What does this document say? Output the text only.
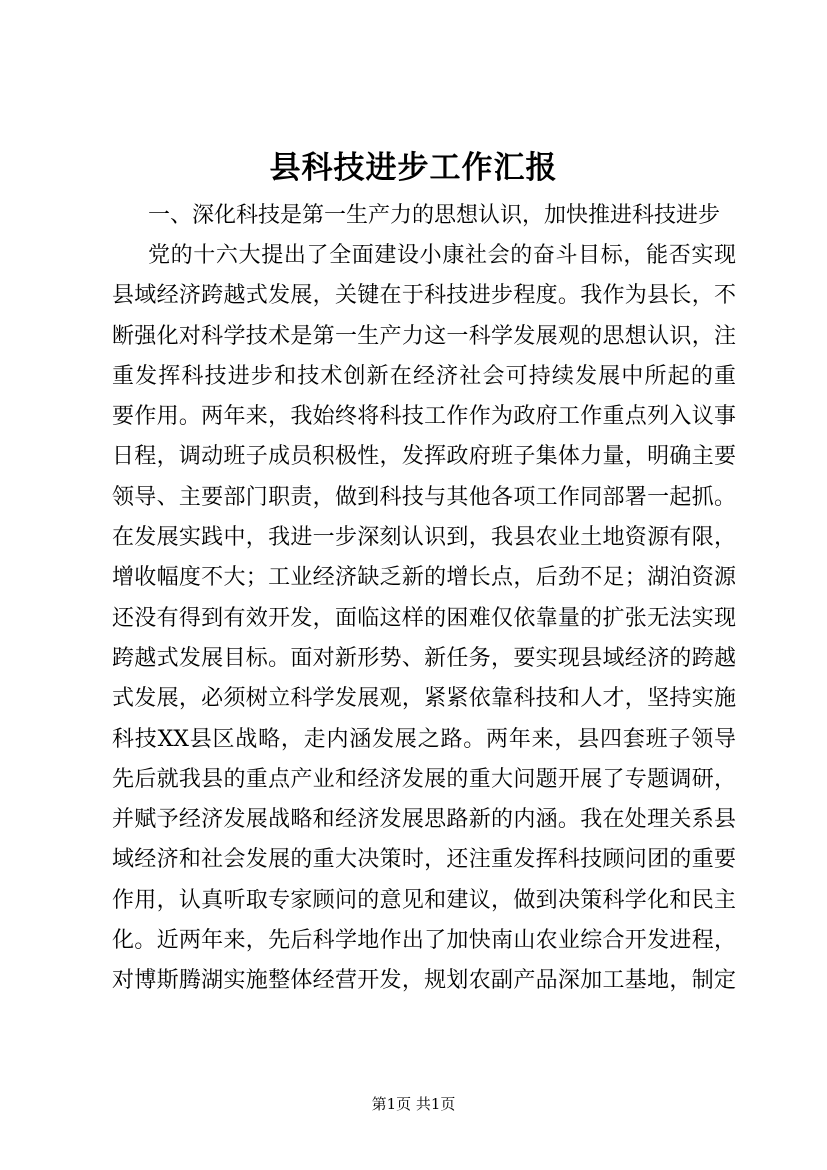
县科技进步工作汇报
一、深化科技是第一生产力的思想认识，加快推进科技进步
党的十六大提出了全面建设小康社会的奋斗目标，能否实现
县域经济跨越式发展，关键在于科技进步程度。我作为县长，不
断强化对科学技术是第一生产力这一科学发展观的思想认识，注
重发挥科技进步和技术创新在经济社会可持续发展中所起的重
要作用。两年来，我始终将科技工作作为政府工作重点列入议事
日程，调动班子成员积极性，发挥政府班子集体力量，明确主要
领导、主要部门职责，做到科技与其他各项工作同部署一起抓。
在发展实践中，我进一步深刻认识到，我县农业土地资源有限，
增收幅度不大；工业经济缺乏新的增长点，后劲不足；湖泊资源
还没有得到有效开发，面临这样的困难仅依靠量的扩张无法实现
跨越式发展目标。面对新形势、新任务，要实现县域经济的跨越
式发展，必须树立科学发展观，紧紧依靠科技和人才，坚持实施
科技XX县区战略，走内涵发展之路。两年来，县四套班子领导
先后就我县的重点产业和经济发展的重大问题开展了专题调研，
并赋予经济发展战略和经济发展思路新的内涵。我在处理关系县
域经济和社会发展的重大决策时，还注重发挥科技顾问团的重要
作用，认真听取专家顾问的意见和建议，做到决策科学化和民主
化。近两年来，先后科学地作出了加快南山农业综合开发进程，
对博斯腾湖实施整体经营开发，规划农副产品深加工基地，制定
第1页 共1页
